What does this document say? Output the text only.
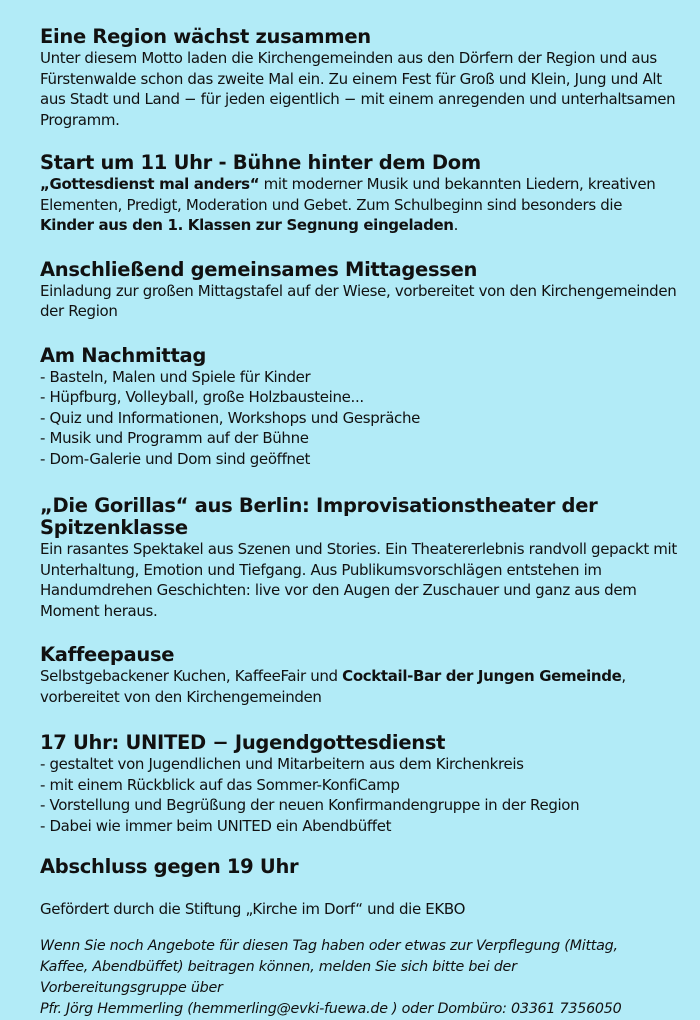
Eine Region wächst zusammen

Unter diesem Motto laden die Kirchengemeinden aus den Dörfern der Region und aus Fürstenwalde schon das zweite Mal ein. Zu einem Fest für Groß und Klein, Jung und Alt aus Stadt und Land − für jeden eigentlich − mit einem anregenden und unterhaltsamen Programm.

Start um 11 Uhr - Bühne hinter dem Dom

„Gottesdienst mal anders“ mit moderner Musik und bekannten Liedern, kreativen Elementen, Predigt, Moderation und Gebet. Zum Schulbeginn sind besonders die Kinder aus den 1. Klassen zur Segnung eingeladen.

Anschließend gemeinsames Mittagessen

Einladung zur großen Mittagstafel auf der Wiese, vorbereitet von den Kirchengemeinden der Region

Am Nachmittag
- Basteln, Malen und Spiele für Kinder
- Hüpfburg, Volleyball, große Holzbausteine...
- Quiz und Informationen, Workshops und Gespräche
- Musik und Programm auf der Bühne
- Dom-Galerie und Dom sind geöffnet
„Die Gorillas“ aus Berlin: Improvisationstheater der Spitzenklasse

Ein rasantes Spektakel aus Szenen und Stories. Ein Theatererlebnis randvoll gepackt mit Unterhaltung, Emotion und Tiefgang. Aus Publikumsvorschlägen entstehen im Handumdrehen Geschichten: live vor den Augen der Zuschauer und ganz aus dem Moment heraus.

Kaffeepause

Selbstgebackener Kuchen, KaffeeFair und Cocktail-Bar der Jungen Gemeinde, vorbereitet von den Kirchengemeinden

17 Uhr: UNITED − Jugendgottesdienst
- gestaltet von Jugendlichen und Mitarbeitern aus dem Kirchenkreis
- mit einem Rückblick auf das Sommer-KonfiCamp
- Vorstellung und Begrüßung der neuen Konfirmandengruppe in der Region
- Dabei wie immer beim UNITED ein Abendbüffet
Abschluss gegen 19 Uhr

Gefördert durch die Stiftung „Kirche im Dorf“ und die EKBO

Wenn Sie noch Angebote für diesen Tag haben oder etwas zur Verpflegung (Mittag,
Kaffee, Abendbüffet) beitragen können, melden Sie sich bitte bei der
Vorbereitungsgruppe über
Pfr. Jörg Hemmerling (hemmerling@evki-fuewa.de ) oder Dombüro: 03361 7356050
